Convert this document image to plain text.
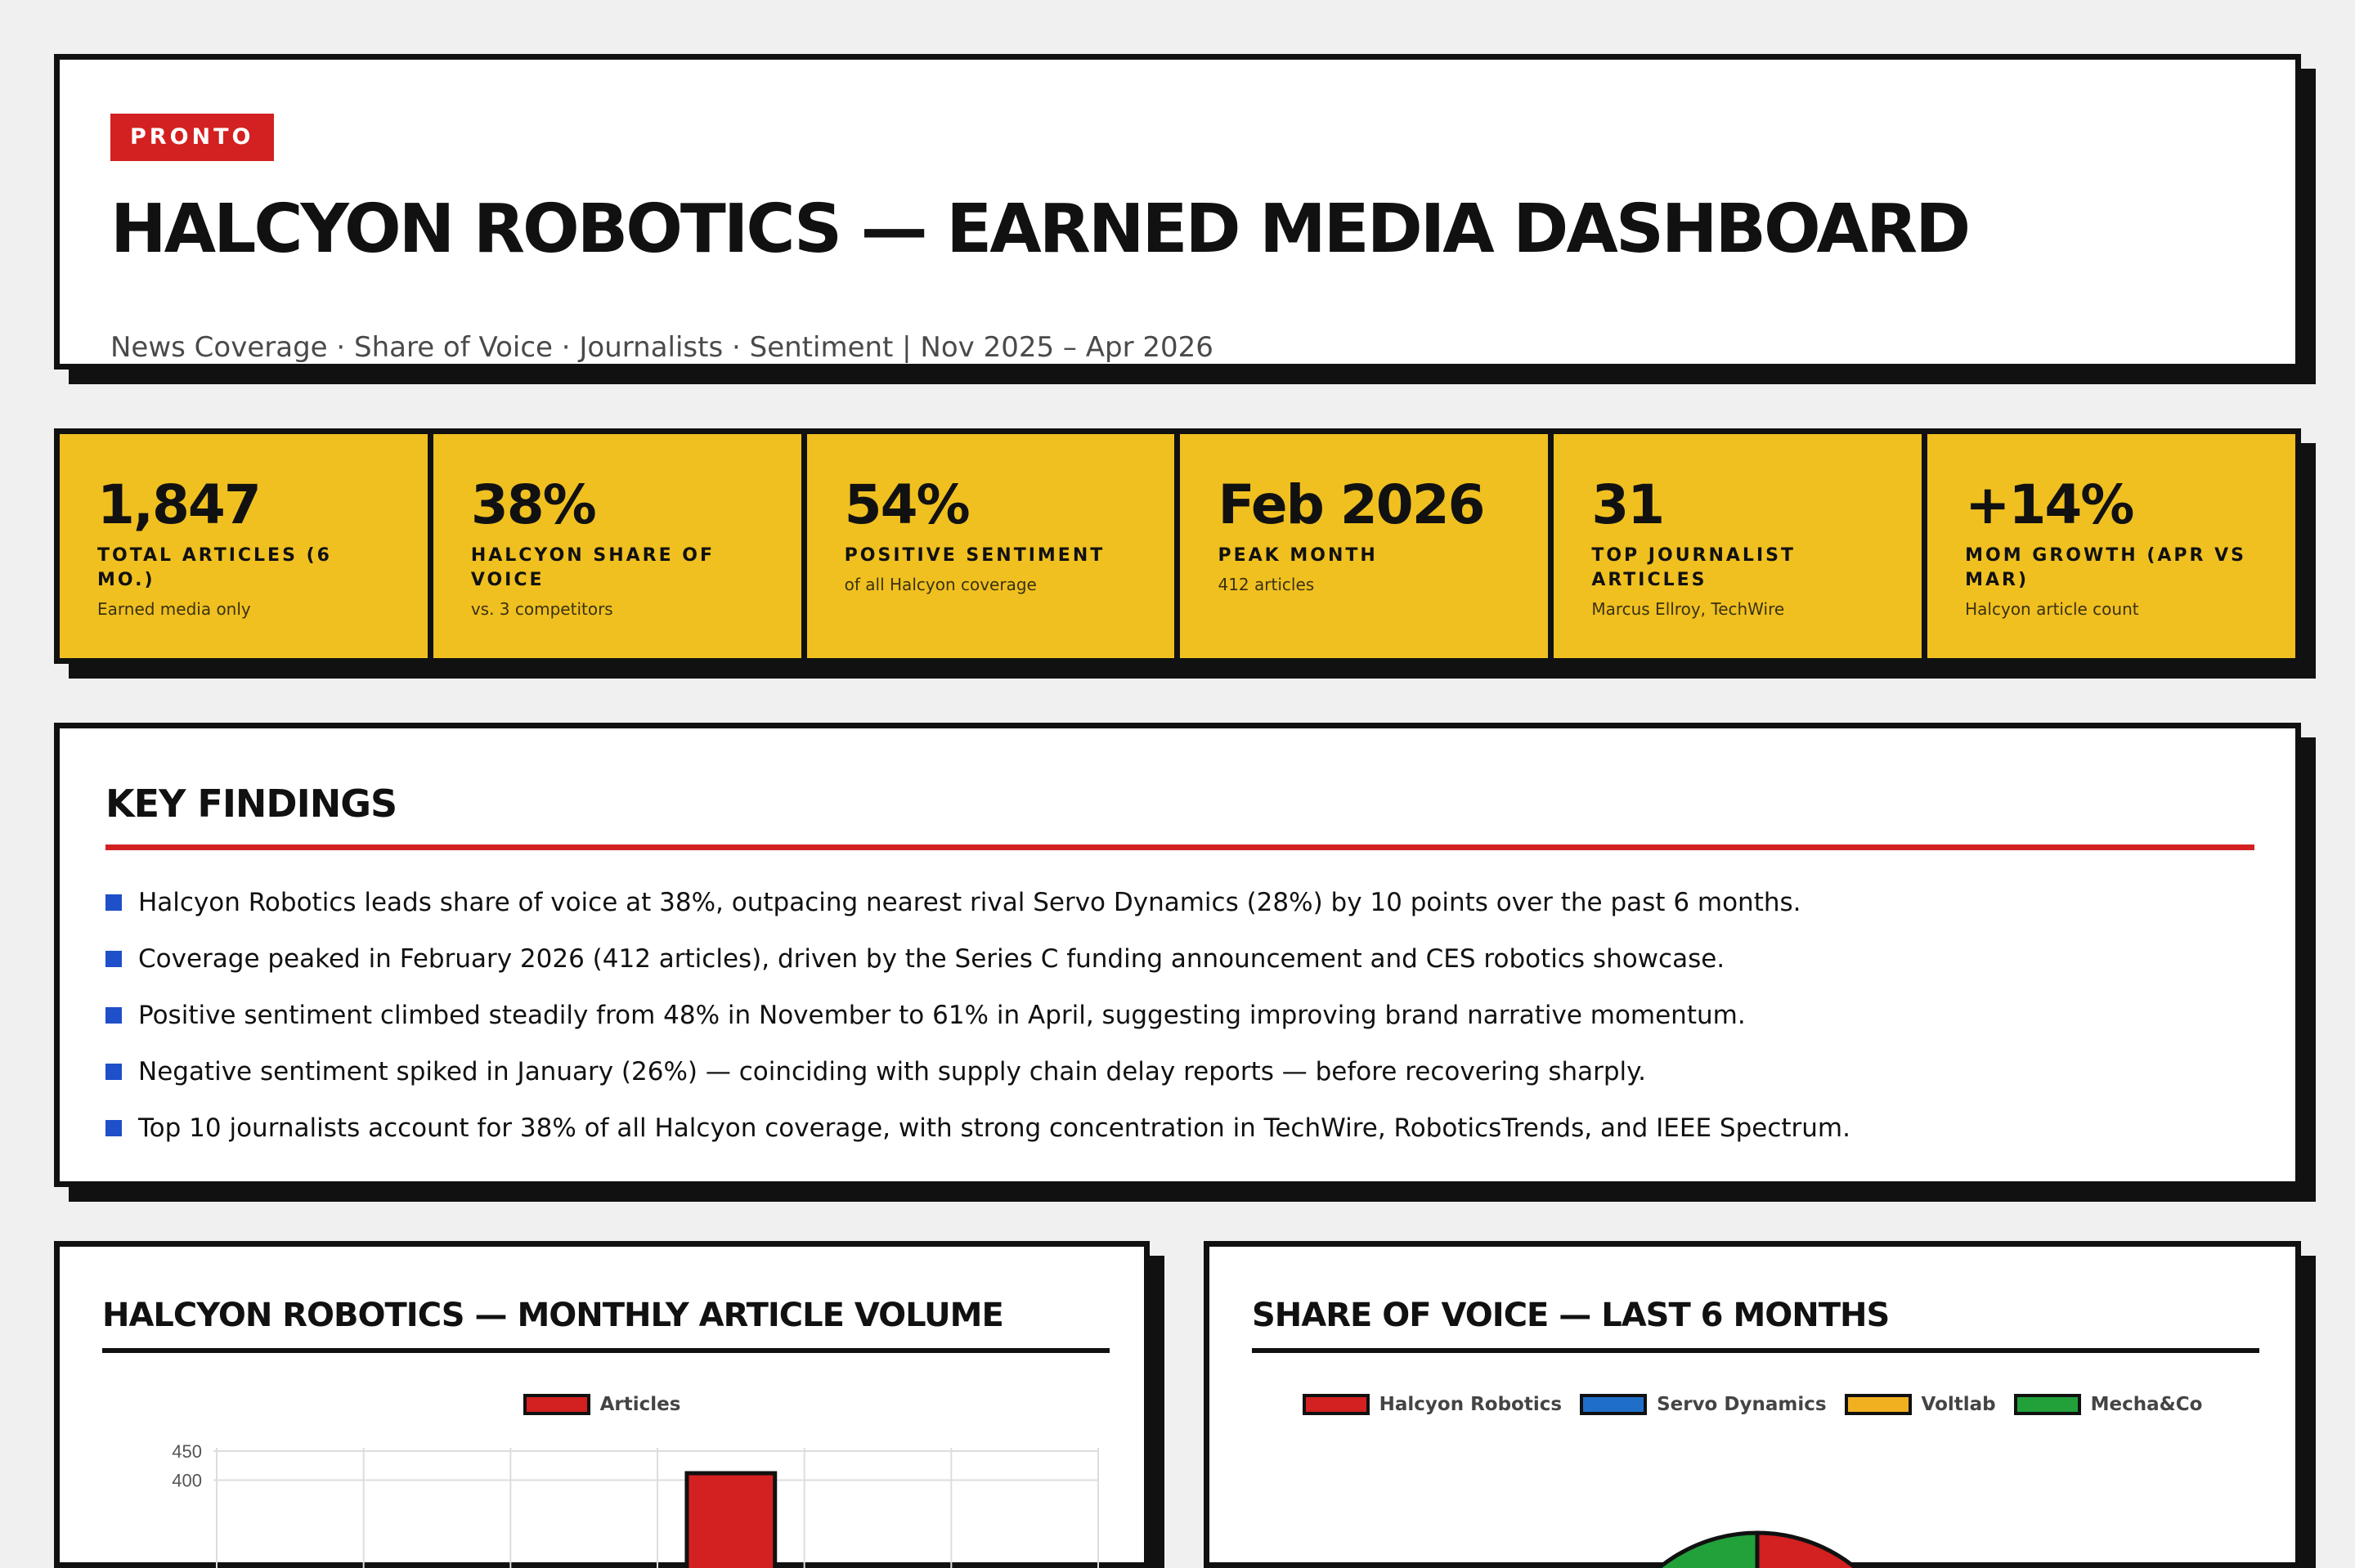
PRONTO
HALCYON ROBOTICS — EARNED MEDIA DASHBOARD
News Coverage · Share of Voice · Journalists · Sentiment | Nov 2025 – Apr 2026
1,847
TOTAL ARTICLES (6 MO.)
Earned media only
38%
HALCYON SHARE OF VOICE
vs. 3 competitors
54%
POSITIVE SENTIMENT
of all Halcyon coverage
Feb 2026
PEAK MONTH
412 articles
31
TOP JOURNALIST ARTICLES
Marcus Ellroy, TechWire
+14%
MOM GROWTH (APR VS MAR)
Halcyon article count
KEY FINDINGS
Halcyon Robotics leads share of voice at 38%, outpacing nearest rival Servo Dynamics (28%) by 10 points over the past 6 months.
Coverage peaked in February 2026 (412 articles), driven by the Series C funding announcement and CES robotics showcase.
Positive sentiment climbed steadily from 48% in November to 61% in April, suggesting improving brand narrative momentum.
Negative sentiment spiked in January (26%) — coinciding with supply chain delay reports — before recovering sharply.
Top 10 journalists account for 38% of all Halcyon coverage, with strong concentration in TechWire, RoboticsTrends, and IEEE Spectrum.
HALCYON ROBOTICS — MONTHLY ARTICLE VOLUME
Articles
450
400
SHARE OF VOICE — LAST 6 MONTHS
Halcyon Robotics	Servo Dynamics	Voltlab	Mecha&Co
